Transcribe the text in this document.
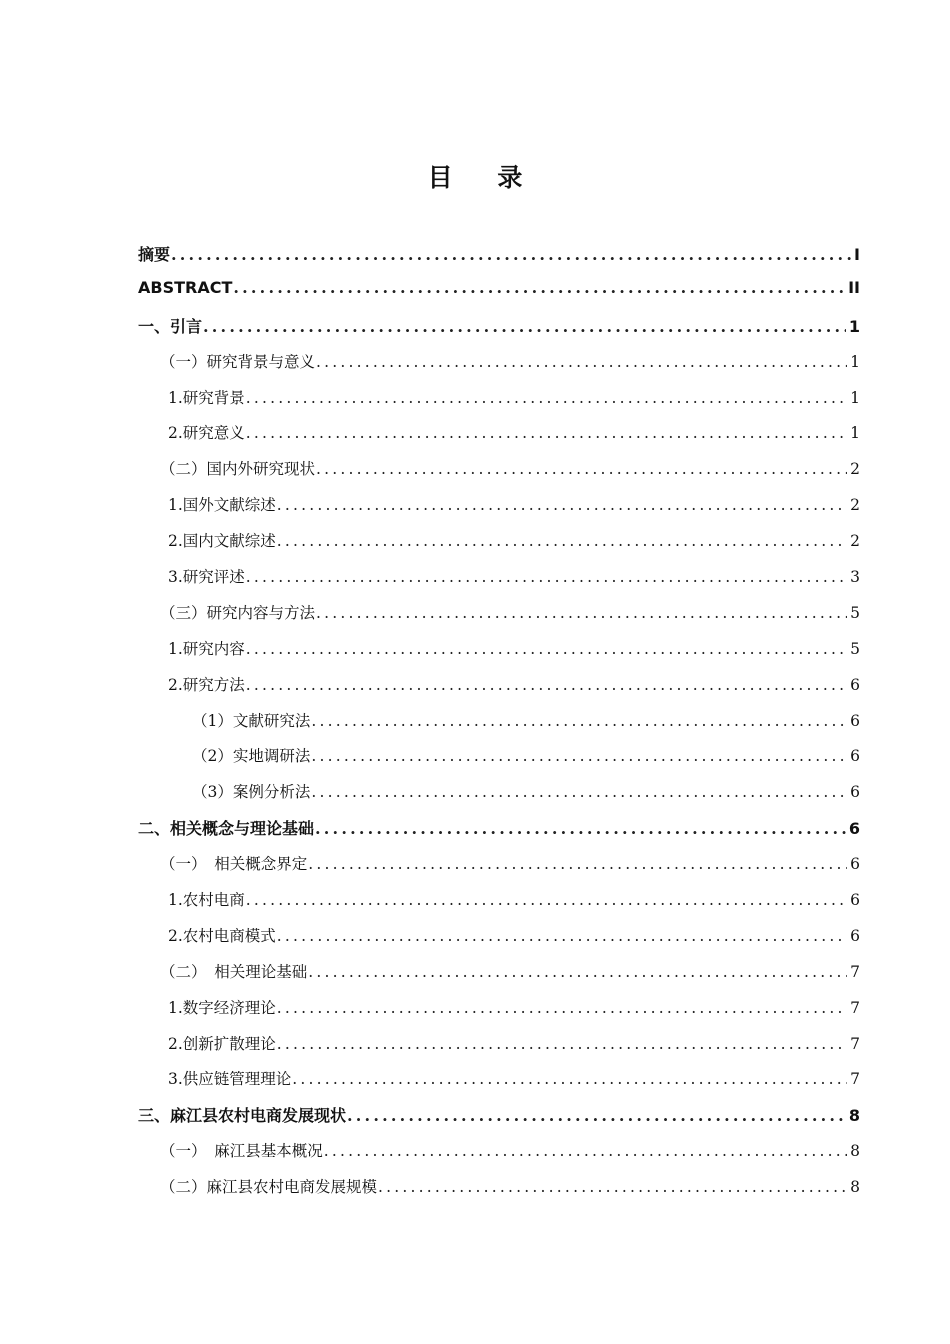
目 录
摘要 .....	I
ABSTRACT .....	II
一、引言 .....	1
（一）研究背景与意义 .....	1
1.研究背景 .....	1
2.研究意义 .....	1
（二）国内外研究现状 .....	2
1.国外文献综述 .....	2
2.国内文献综述 .....	2
3.研究评述 .....	3
（三）研究内容与方法 .....	5
1.研究内容 .....	5
2.研究方法 .....	6
（1）文献研究法 .....	6
（2）实地调研法 .....	6
（3）案例分析法 .....	6
二、相关概念与理论基础 .....	6
（一）　相关概念界定 .....	6
1.农村电商 .....	6
2.农村电商模式 .....	6
（二）　相关理论基础 .....	7
1.数字经济理论 .....	7
2.创新扩散理论 .....	7
3.供应链管理理论 .....	7
三、麻江县农村电商发展现状 .....	8
（一）　麻江县基本概况 .....	8
（二）麻江县农村电商发展规模 .....	8
